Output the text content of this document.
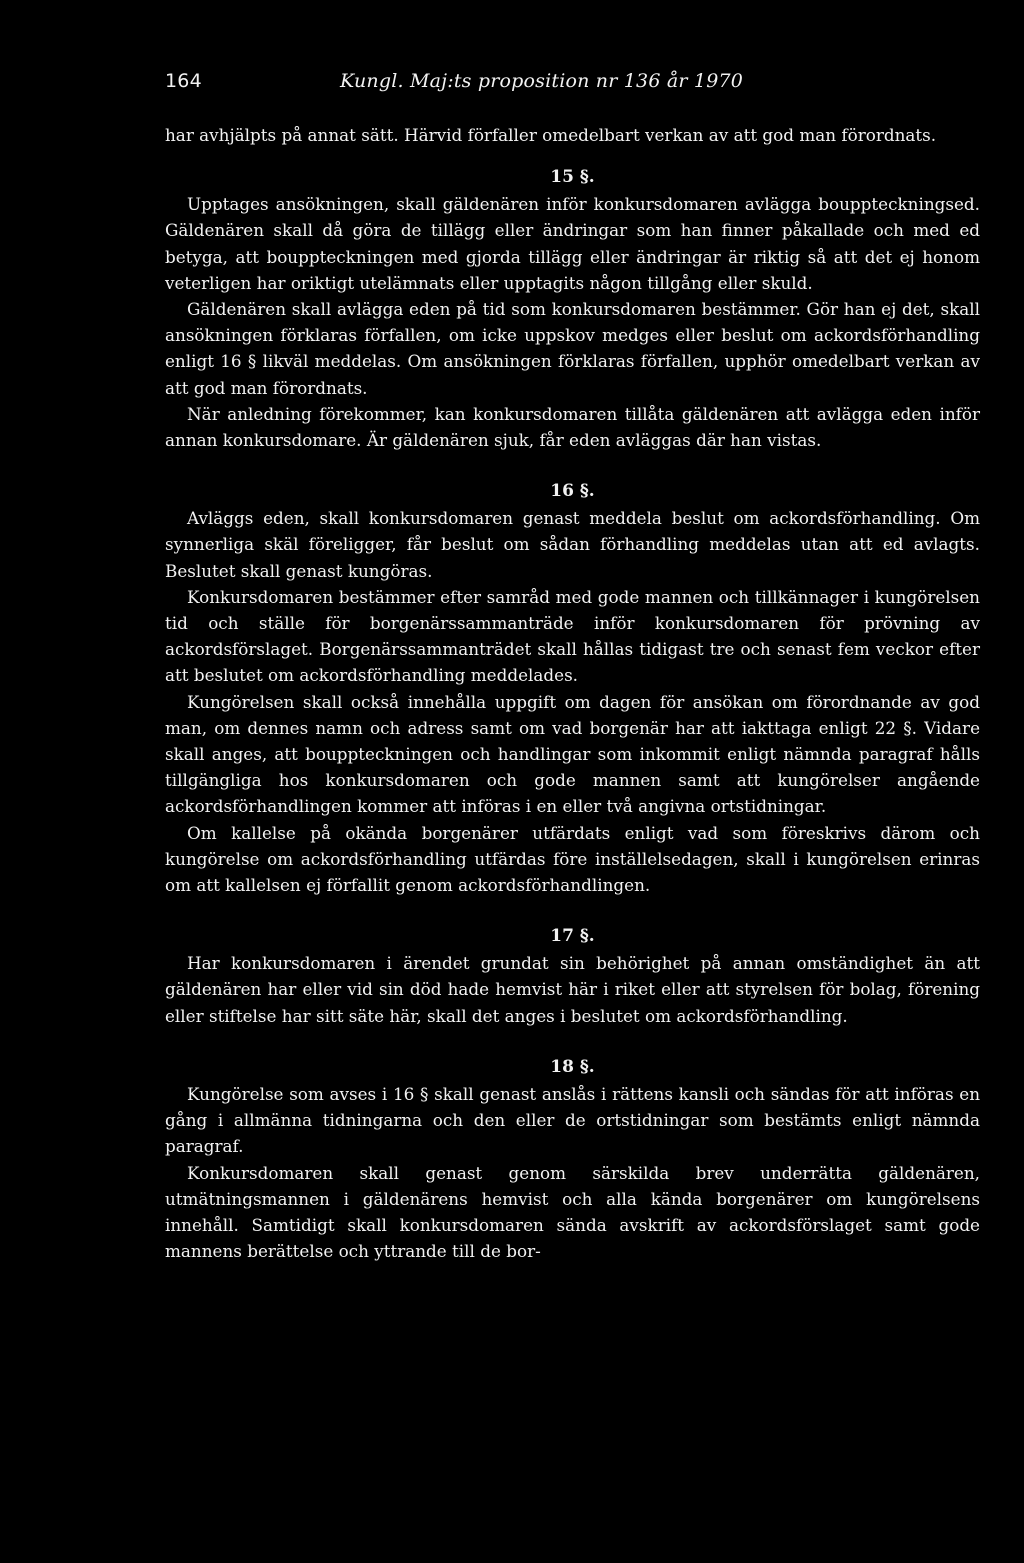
164	Kungl. Maj:ts proposition nr 136 år 1970

har avhjälpts på annat sätt. Härvid förfaller omedelbart verkan av att god man förordnats.

15 §.

Upptages ansökningen, skall gäldenären inför konkursdomaren avlägga bouppteckningsed. Gäldenären skall då göra de tillägg eller ändringar som han finner påkallade och med ed betyga, att bouppteckningen med gjorda tillägg eller ändringar är riktig så att det ej honom veterligen har oriktigt utelämnats eller upptagits någon tillgång eller skuld.

Gäldenären skall avlägga eden på tid som konkursdomaren bestämmer. Gör han ej det, skall ansökningen förklaras förfallen, om icke uppskov medges eller beslut om ackordsförhandling enligt 16 § likväl meddelas. Om ansökningen förklaras förfallen, upphör omedelbart verkan av att god man förordnats.

När anledning förekommer, kan konkursdomaren tillåta gäldenären att avlägga eden inför annan konkursdomare. Är gäldenären sjuk, får eden avläggas där han vistas.

16 §.

Avläggs eden, skall konkursdomaren genast meddela beslut om ackordsförhandling. Om synnerliga skäl föreligger, får beslut om sådan förhandling meddelas utan att ed avlagts. Beslutet skall genast kungöras.

Konkursdomaren bestämmer efter samråd med gode mannen och tillkännager i kungörelsen tid och ställe för borgenärssammanträde inför konkursdomaren för prövning av ackordsförslaget. Borgenärssammanträdet skall hållas tidigast tre och senast fem veckor efter att beslutet om ackordsförhandling meddelades.

Kungörelsen skall också innehålla uppgift om dagen för ansökan om förordnande av god man, om dennes namn och adress samt om vad borgenär har att iakttaga enligt 22 §. Vidare skall anges, att bouppteckningen och handlingar som inkommit enligt nämnda paragraf hålls tillgängliga hos konkursdomaren och gode mannen samt att kungörelser angående ackordsförhandlingen kommer att införas i en eller två angivna ortstidningar.

Om kallelse på okända borgenärer utfärdats enligt vad som föreskrivs därom och kungörelse om ackordsförhandling utfärdas före inställelsedagen, skall i kungörelsen erinras om att kallelsen ej förfallit genom ackordsförhandlingen.

17 §.

Har konkursdomaren i ärendet grundat sin behörighet på annan omständighet än att gäldenären har eller vid sin död hade hemvist här i riket eller att styrelsen för bolag, förening eller stiftelse har sitt säte här, skall det anges i beslutet om ackordsförhandling.

18 §.

Kungörelse som avses i 16 § skall genast anslås i rättens kansli och sändas för att införas en gång i allmänna tidningarna och den eller de ortstidningar som bestämts enligt nämnda paragraf.

Konkursdomaren skall genast genom särskilda brev underrätta gäldenären, utmätningsmannen i gäldenärens hemvist och alla kända borgenärer om kungörelsens innehåll. Samtidigt skall konkursdomaren sända avskrift av ackordsförslaget samt gode mannens berättelse och yttrande till de bor-
